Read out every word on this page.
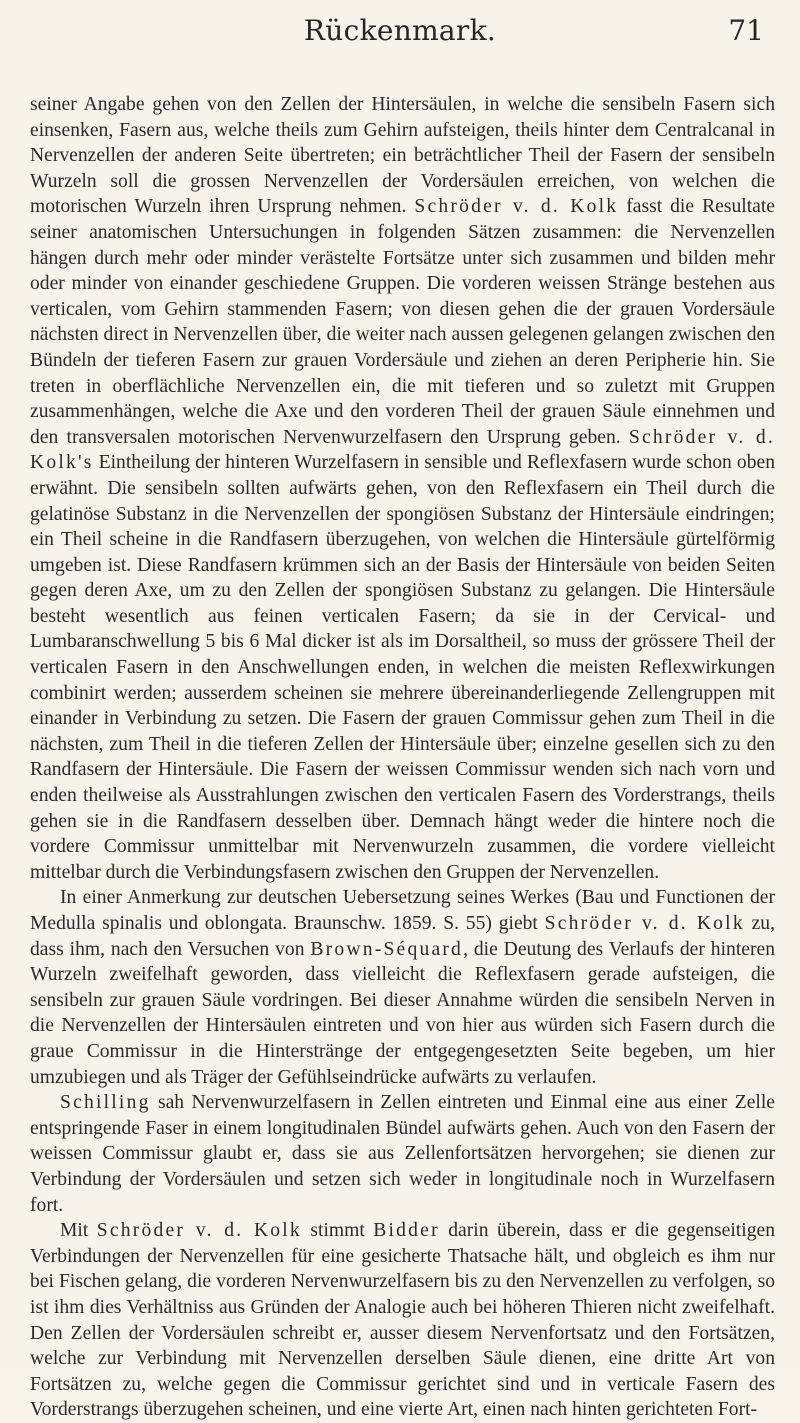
Rückenmark.	71

seiner Angabe gehen von den Zellen der Hintersäulen, in welche die sensibeln Fasern sich einsenken, Fasern aus, welche theils zum Gehirn aufsteigen, theils hinter dem Centralcanal in Nervenzellen der anderen Seite übertreten; ein beträchtlicher Theil der Fasern der sensibeln Wurzeln soll die grossen Nervenzellen der Vordersäulen erreichen, von welchen die motorischen Wurzeln ihren Ursprung nehmen. Schröder v. d. Kolk fasst die Resultate seiner anatomischen Untersuchungen in folgenden Sätzen zusammen: die Nervenzellen hängen durch mehr oder minder verästelte Fortsätze unter sich zusammen und bilden mehr oder minder von einander geschiedene Gruppen. Die vorderen weissen Stränge bestehen aus verticalen, vom Gehirn stammenden Fasern; von diesen gehen die der grauen Vordersäule nächsten direct in Nervenzellen über, die weiter nach aussen gelegenen gelangen zwischen den Bündeln der tieferen Fasern zur grauen Vordersäule und ziehen an deren Peripherie hin. Sie treten in oberflächliche Nervenzellen ein, die mit tieferen und so zuletzt mit Gruppen zusammenhängen, welche die Axe und den vorderen Theil der grauen Säule einnehmen und den transversalen motorischen Nervenwurzelfasern den Ursprung geben. Schröder v. d. Kolk's Eintheilung der hinteren Wurzelfasern in sensible und Reflexfasern wurde schon oben erwähnt. Die sensibeln sollten aufwärts gehen, von den Reflexfasern ein Theil durch die gelatinöse Substanz in die Nervenzellen der spongiösen Substanz der Hintersäule eindringen; ein Theil scheine in die Randfasern überzugehen, von welchen die Hintersäule gürtelförmig umgeben ist. Diese Randfasern krümmen sich an der Basis der Hintersäule von beiden Seiten gegen deren Axe, um zu den Zellen der spongiösen Substanz zu gelangen. Die Hintersäule besteht wesentlich aus feinen verticalen Fasern; da sie in der Cervical- und Lumbaranschwellung 5 bis 6 Mal dicker ist als im Dorsaltheil, so muss der grössere Theil der verticalen Fasern in den Anschwellungen enden, in welchen die meisten Reflexwirkungen combinirt werden; ausserdem scheinen sie mehrere übereinanderliegende Zellengruppen mit einander in Verbindung zu setzen. Die Fasern der grauen Commissur gehen zum Theil in die nächsten, zum Theil in die tieferen Zellen der Hintersäule über; einzelne gesellen sich zu den Randfasern der Hintersäule. Die Fasern der weissen Commissur wenden sich nach vorn und enden theilweise als Ausstrahlungen zwischen den verticalen Fasern des Vorderstrangs, theils gehen sie in die Randfasern desselben über. Demnach hängt weder die hintere noch die vordere Commissur unmittelbar mit Nervenwurzeln zusammen, die vordere vielleicht mittelbar durch die Verbindungsfasern zwischen den Gruppen der Nervenzellen.

In einer Anmerkung zur deutschen Uebersetzung seines Werkes (Bau und Functionen der Medulla spinalis und oblongata. Braunschw. 1859. S. 55) giebt Schröder v. d. Kolk zu, dass ihm, nach den Versuchen von Brown-Séquard, die Deutung des Verlaufs der hinteren Wurzeln zweifelhaft geworden, dass vielleicht die Reflexfasern gerade aufsteigen, die sensibeln zur grauen Säule vordringen. Bei dieser Annahme würden die sensibeln Nerven in die Nervenzellen der Hintersäulen eintreten und von hier aus würden sich Fasern durch die graue Commissur in die Hinterstränge der entgegengesetzten Seite begeben, um hier umzubiegen und als Träger der Gefühlseindrücke aufwärts zu verlaufen.

Schilling sah Nervenwurzelfasern in Zellen eintreten und Einmal eine aus einer Zelle entspringende Faser in einem longitudinalen Bündel aufwärts gehen. Auch von den Fasern der weissen Commissur glaubt er, dass sie aus Zellenfortsätzen hervorgehen; sie dienen zur Verbindung der Vordersäulen und setzen sich weder in longitudinale noch in Wurzelfasern fort.

Mit Schröder v. d. Kolk stimmt Bidder darin überein, dass er die gegenseitigen Verbindungen der Nervenzellen für eine gesicherte Thatsache hält, und obgleich es ihm nur bei Fischen gelang, die vorderen Nervenwurzelfasern bis zu den Nervenzellen zu verfolgen, so ist ihm dies Verhältniss aus Gründen der Analogie auch bei höheren Thieren nicht zweifelhaft. Den Zellen der Vordersäulen schreibt er, ausser diesem Nervenfortsatz und den Fortsätzen, welche zur Verbindung mit Nervenzellen derselben Säule dienen, eine dritte Art von Fortsätzen zu, welche gegen die Commissur gerichtet sind und in verticale Fasern des Vorderstrangs überzugehen scheinen, und eine vierte Art, einen nach hinten gerichteten Fort-
